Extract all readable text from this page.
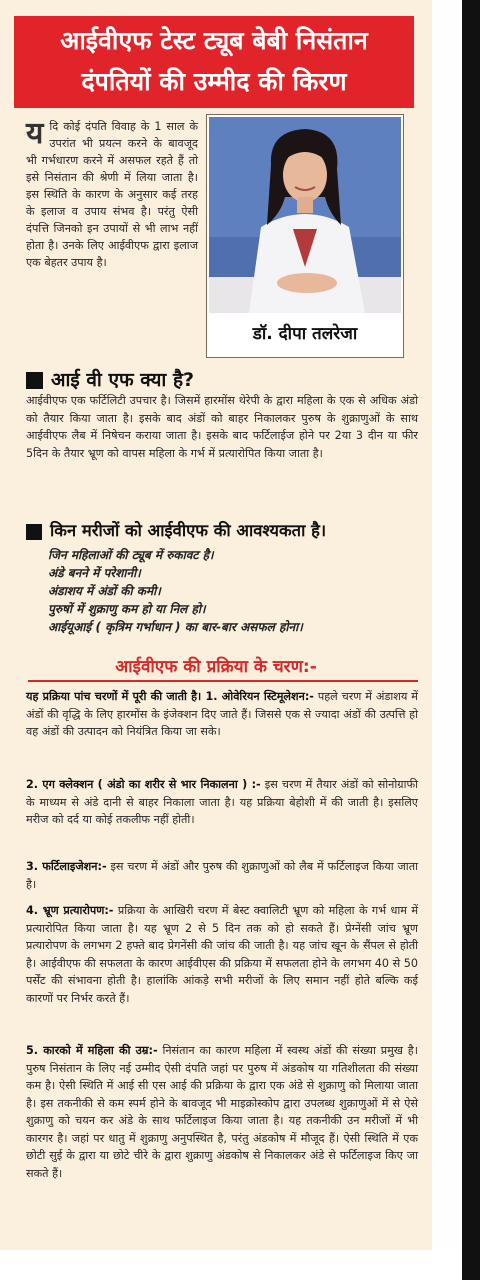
आईवीएफ टेस्ट ट्यूब बेबी निसंतान
दंपतियों की उम्मीद की किरण
य दि कोई दंपति विवाह के 1 साल के उपरांत भी प्रयत्न करने के बावजूद भी गर्भधारण करने में असफल रहते हैं तो इसे निसंतान की श्रेणी में लिया जाता है। इस स्थिति के कारण के अनुसार कई तरह के इलाज व उपाय संभव है। परंतु ऐसी दंपत्ति जिनको इन उपायों से भी लाभ नहीं होता है। उनके लिए आईवीएफ द्वारा इलाज एक बेहतर उपाय है।
डॉ. दीपा तलरेजा
आई वी एफ क्या है?
आईवीएफ एक फर्टिलिटी उपचार है। जिसमें हारमोंस थेरेपी के द्वारा महिला के एक से अधिक अंडो को तैयार किया जाता है। इसके बाद अंडों को बाहर निकालकर पुरुष के शुक्राणुओं के साथ आईवीएफ लैब में निषेचन कराया जाता है। इसके बाद फर्टिलाईज होने पर 2या 3 दीन या फीर 5दिन के तैयार भ्रूण को वापस महिला के गर्भ में प्रत्यारोपित किया जाता है।
किन मरीजों को आईवीएफ की आवश्यकता है।
जिन महिलाओं की ट्यूब में रुकावट है।
अंडे बनने में परेशानी।
अंडाशय में अंडों की कमी।
पुरुषों में शुक्राणु कम हो या निल हो।
आईयूआई ( कृत्रिम गर्भाधान ) का बार-बार असफल होना।
आईवीएफ की प्रक्रिया के चरण:-
यह प्रक्रिया पांच चरणों में पूरी की जाती है। 1. ओवेरियन स्टिमूलेशन:- पहले चरण में अंडाशय में अंडों की वृद्धि के लिए हारमोंस के इंजेक्शन दिए जाते हैं। जिससे एक से ज्यादा अंडों की उत्पत्ति हो वह अंडों की उत्पादन को नियंत्रित किया जा सके।
2. एग क्लेक्शन ( अंडो का शरीर से भार निकालना ) :- इस चरण में तैयार अंडों को सोनोग्राफी के माध्यम से अंडे दानी से बाहर निकाला जाता है। यह प्रक्रिया बेहोशी में की जाती है। इसलिए मरीज को दर्द या कोई तकलीफ नहीं होती।
3. फर्टिलाइजेशन:- इस चरण में अंडों और पुरुष की शुक्राणुओं को लैब में फर्टिलाइज किया जाता है।
4. भ्रूण प्रत्यारोपण:- प्रक्रिया के आखिरी चरण में बेस्ट क्वालिटी भ्रूण को महिला के गर्भ धाम में प्रत्यारोपित किया जाता है। यह भ्रूण 2 से 5 दिन तक को हो सकते हैं। प्रेग्नेंसी जांच भ्रूण प्रत्यारोपण के लगभग 2 हफ्ते बाद प्रेगनेंसी की जांच की जाती है। यह जांच खून के सैंपल से होती है। आईवीएफ की सफलता के कारण आईवीएस की प्रक्रिया में सफलता होने के लगभग 40 से 50 पर्सेंट की संभावना होती है। हालांकि आंकड़े सभी मरीजों के लिए समान नहीं होते बल्कि कई कारणों पर निर्भर करते हैं।
5. कारको में महिला की उम्र:- निसंतान का कारण महिला में स्वस्थ अंडों की संख्या प्रमुख है। पुरुष निसंतान के लिए नई उम्मीद ऐसी दंपति जहां पर पुरुष में अंडकोष या गतिशीलता की संख्या कम है। ऐसी स्थिति में आई सी एस आई की प्रक्रिया के द्वारा एक अंडे से शुक्राणु को मिलाया जाता है। इस तकनीकी से कम स्पर्म होने के बावजूद भी माइक्रोस्कोप द्वारा उपलब्ध शुक्राणुओं में से ऐसे शुक्राणु को चयन कर अंडे के साथ फर्टिलाइज किया जाता है। यह तकनीकी उन मरीजों में भी कारगर है। जहां पर धातु में शुक्राणु अनुपस्थित है, परंतु अंडकोष में मौजूद हैं। ऐसी स्थिति में एक छोटी सुई के द्वारा या छोटे चीरे के द्वारा शुक्राणु अंडकोष से निकालकर अंडे से फर्टिलाइज किए जा सकते हैं।
